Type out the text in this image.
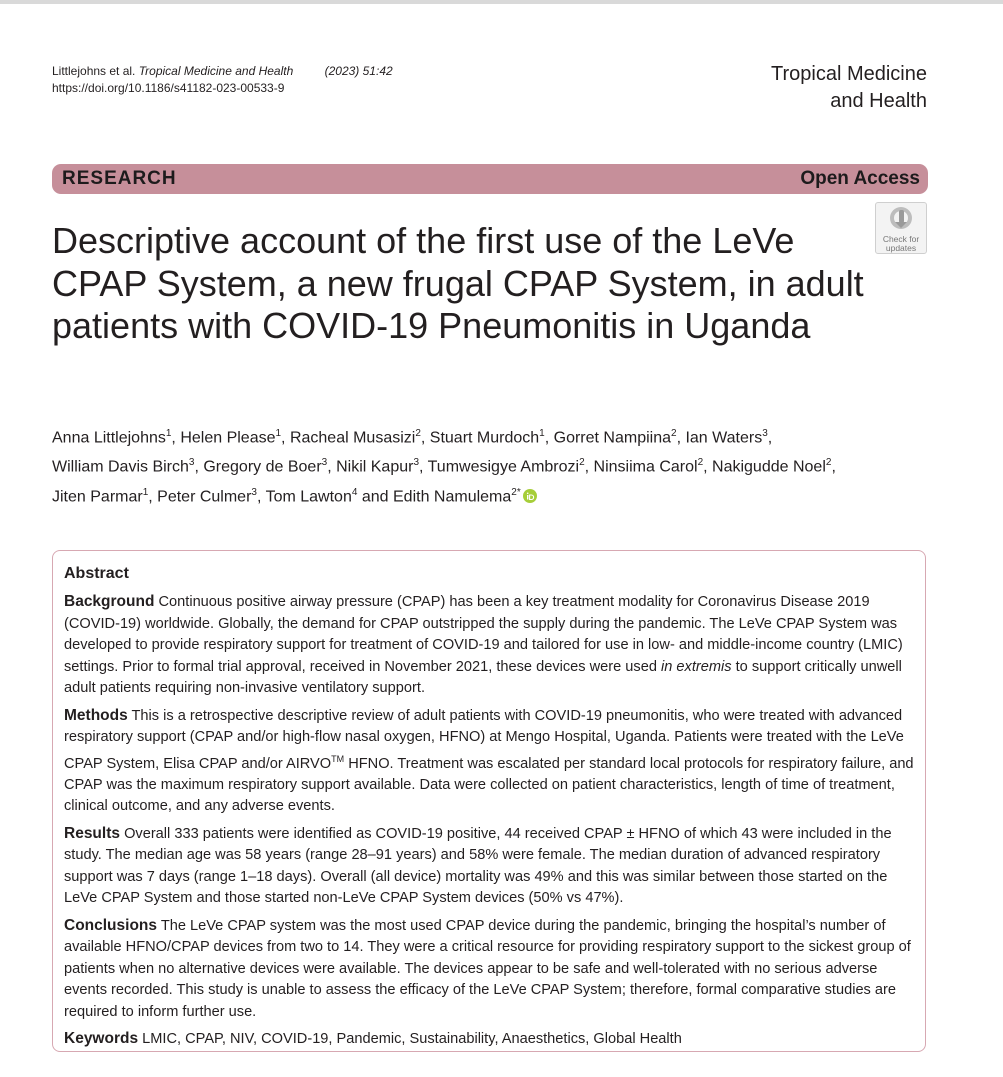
Littlejohns et al. Tropical Medicine and Health	(2023) 51:42
https://doi.org/10.1186/s41182-023-00533-9
Tropical Medicine
and Health
RESEARCH	Open Access
Check for
updates
Descriptive account of the first use of the LeVe CPAP System, a new frugal CPAP System, in adult patients with COVID-19 Pneumonitis in Uganda
Anna Littlejohns$^1$, Helen Please$^1$, Racheal Musasizi$^2$, Stuart Murdoch$^1$, Gorret Nampiina$^2$, Ian Waters$^3$,
William Davis Birch$^3$, Gregory de Boer$^3$, Nikil Kapur$^3$, Tumwesigye Ambrozi$^2$, Ninsiima Carol$^2$, Nakigudde Noel$^2$,
Jiten Parmar$^1$, Peter Culmer$^3$, Tom Lawton$^4$ and Edith Namulema$^{2*}$
Abstract

Background Continuous positive airway pressure (CPAP) has been a key treatment modality for Coronavirus Disease 2019 (COVID-19) worldwide. Globally, the demand for CPAP outstripped the supply during the pandemic. The LeVe CPAP System was developed to provide respiratory support for treatment of COVID-19 and tailored for use in low- and middle-income country (LMIC) settings. Prior to formal trial approval, received in November 2021, these devices were used in extremis to support critically unwell adult patients requiring non-invasive ventilatory support.

Methods This is a retrospective descriptive review of adult patients with COVID-19 pneumonitis, who were treated with advanced respiratory support (CPAP and/or high-flow nasal oxygen, HFNO) at Mengo Hospital, Uganda. Patients were treated with the LeVe CPAP System, Elisa CPAP and/or AIRVO™ HFNO. Treatment was escalated per standard local protocols for respiratory failure, and CPAP was the maximum respiratory support available. Data were collected on patient characteristics, length of time of treatment, clinical outcome, and any adverse events.

Results Overall 333 patients were identified as COVID-19 positive, 44 received CPAP ± HFNO of which 43 were included in the study. The median age was 58 years (range 28–91 years) and 58% were female. The median duration of advanced respiratory support was 7 days (range 1–18 days). Overall (all device) mortality was 49% and this was similar between those started on the LeVe CPAP System and those started non-LeVe CPAP System devices (50% vs 47%).

Conclusions The LeVe CPAP system was the most used CPAP device during the pandemic, bringing the hospital’s number of available HFNO/CPAP devices from two to 14. They were a critical resource for providing respiratory support to the sickest group of patients when no alternative devices were available. The devices appear to be safe and well-tolerated with no serious adverse events recorded. This study is unable to assess the efficacy of the LeVe CPAP System; therefore, formal comparative studies are required to inform further use.

Keywords LMIC, CPAP, NIV, COVID-19, Pandemic, Sustainability, Anaesthetics, Global Health
